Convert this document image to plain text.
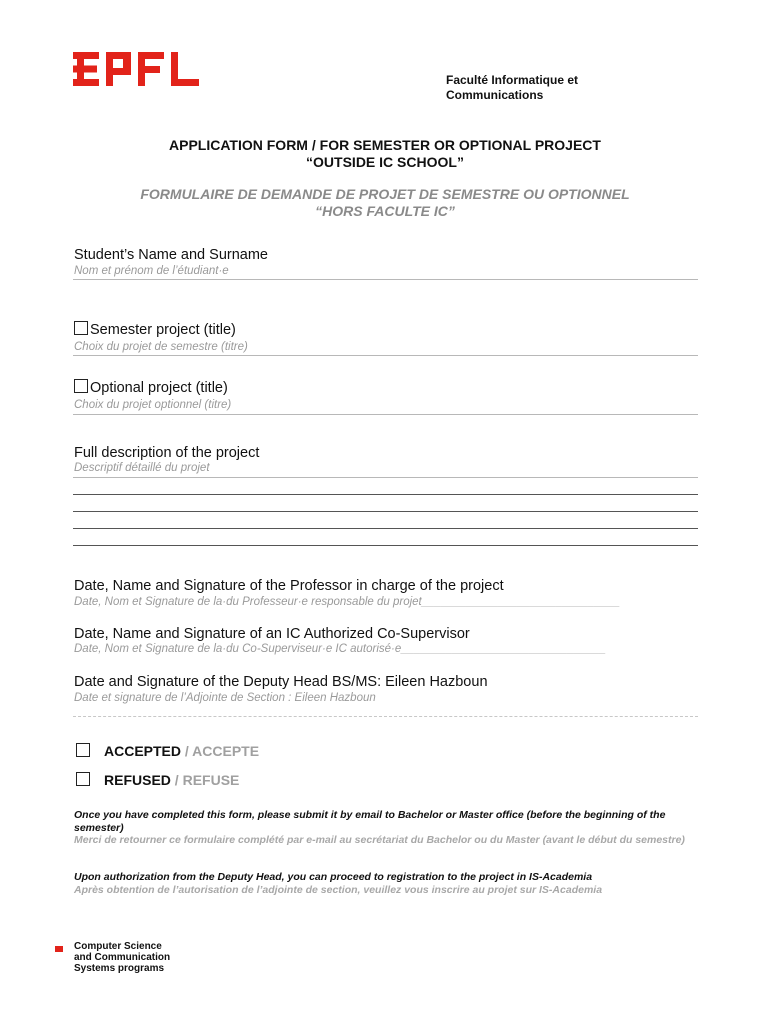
Faculté Informatique et
Communications
APPLICATION FORM / FOR SEMESTER OR OPTIONAL PROJECT
“OUTSIDE IC SCHOOL”
FORMULAIRE DE DEMANDE DE PROJET DE SEMESTRE OU OPTIONNEL
“HORS FACULTE IC”
Student’s Name and Surname
Nom et prénom de l’étudiant·e
Semester project (title)
Choix du projet de semestre (titre)
Optional project (title)
Choix du projet optionnel (titre)
Full description of the project
Descriptif détaillé du projet
Date, Name and Signature of the Professor in charge of the project
Date, Nom et Signature de la·du Professeur·e responsable du projet_______________________________
Date, Name and Signature of an IC Authorized Co-Supervisor
Date, Nom et Signature de la·du Co-Superviseur·e IC autorisé·e________________________________
Date and Signature of the Deputy Head BS/MS: Eileen Hazboun
Date et signature de l’Adjointe de Section : Eileen Hazboun
ACCEPTED / ACCEPTE
REFUSED / REFUSE
Once you have completed this form, please submit it by email to Bachelor or Master office (before the beginning of the semester)
Merci de retourner ce formulaire complété par e-mail au secrétariat du Bachelor ou du Master (avant le début du semestre)
Upon authorization from the Deputy Head, you can proceed to registration to the project in IS-Academia
Après obtention de l’autorisation de l’adjointe de section, veuillez vous inscrire au projet sur IS-Academia
Computer Science
and Communication
Systems programs
